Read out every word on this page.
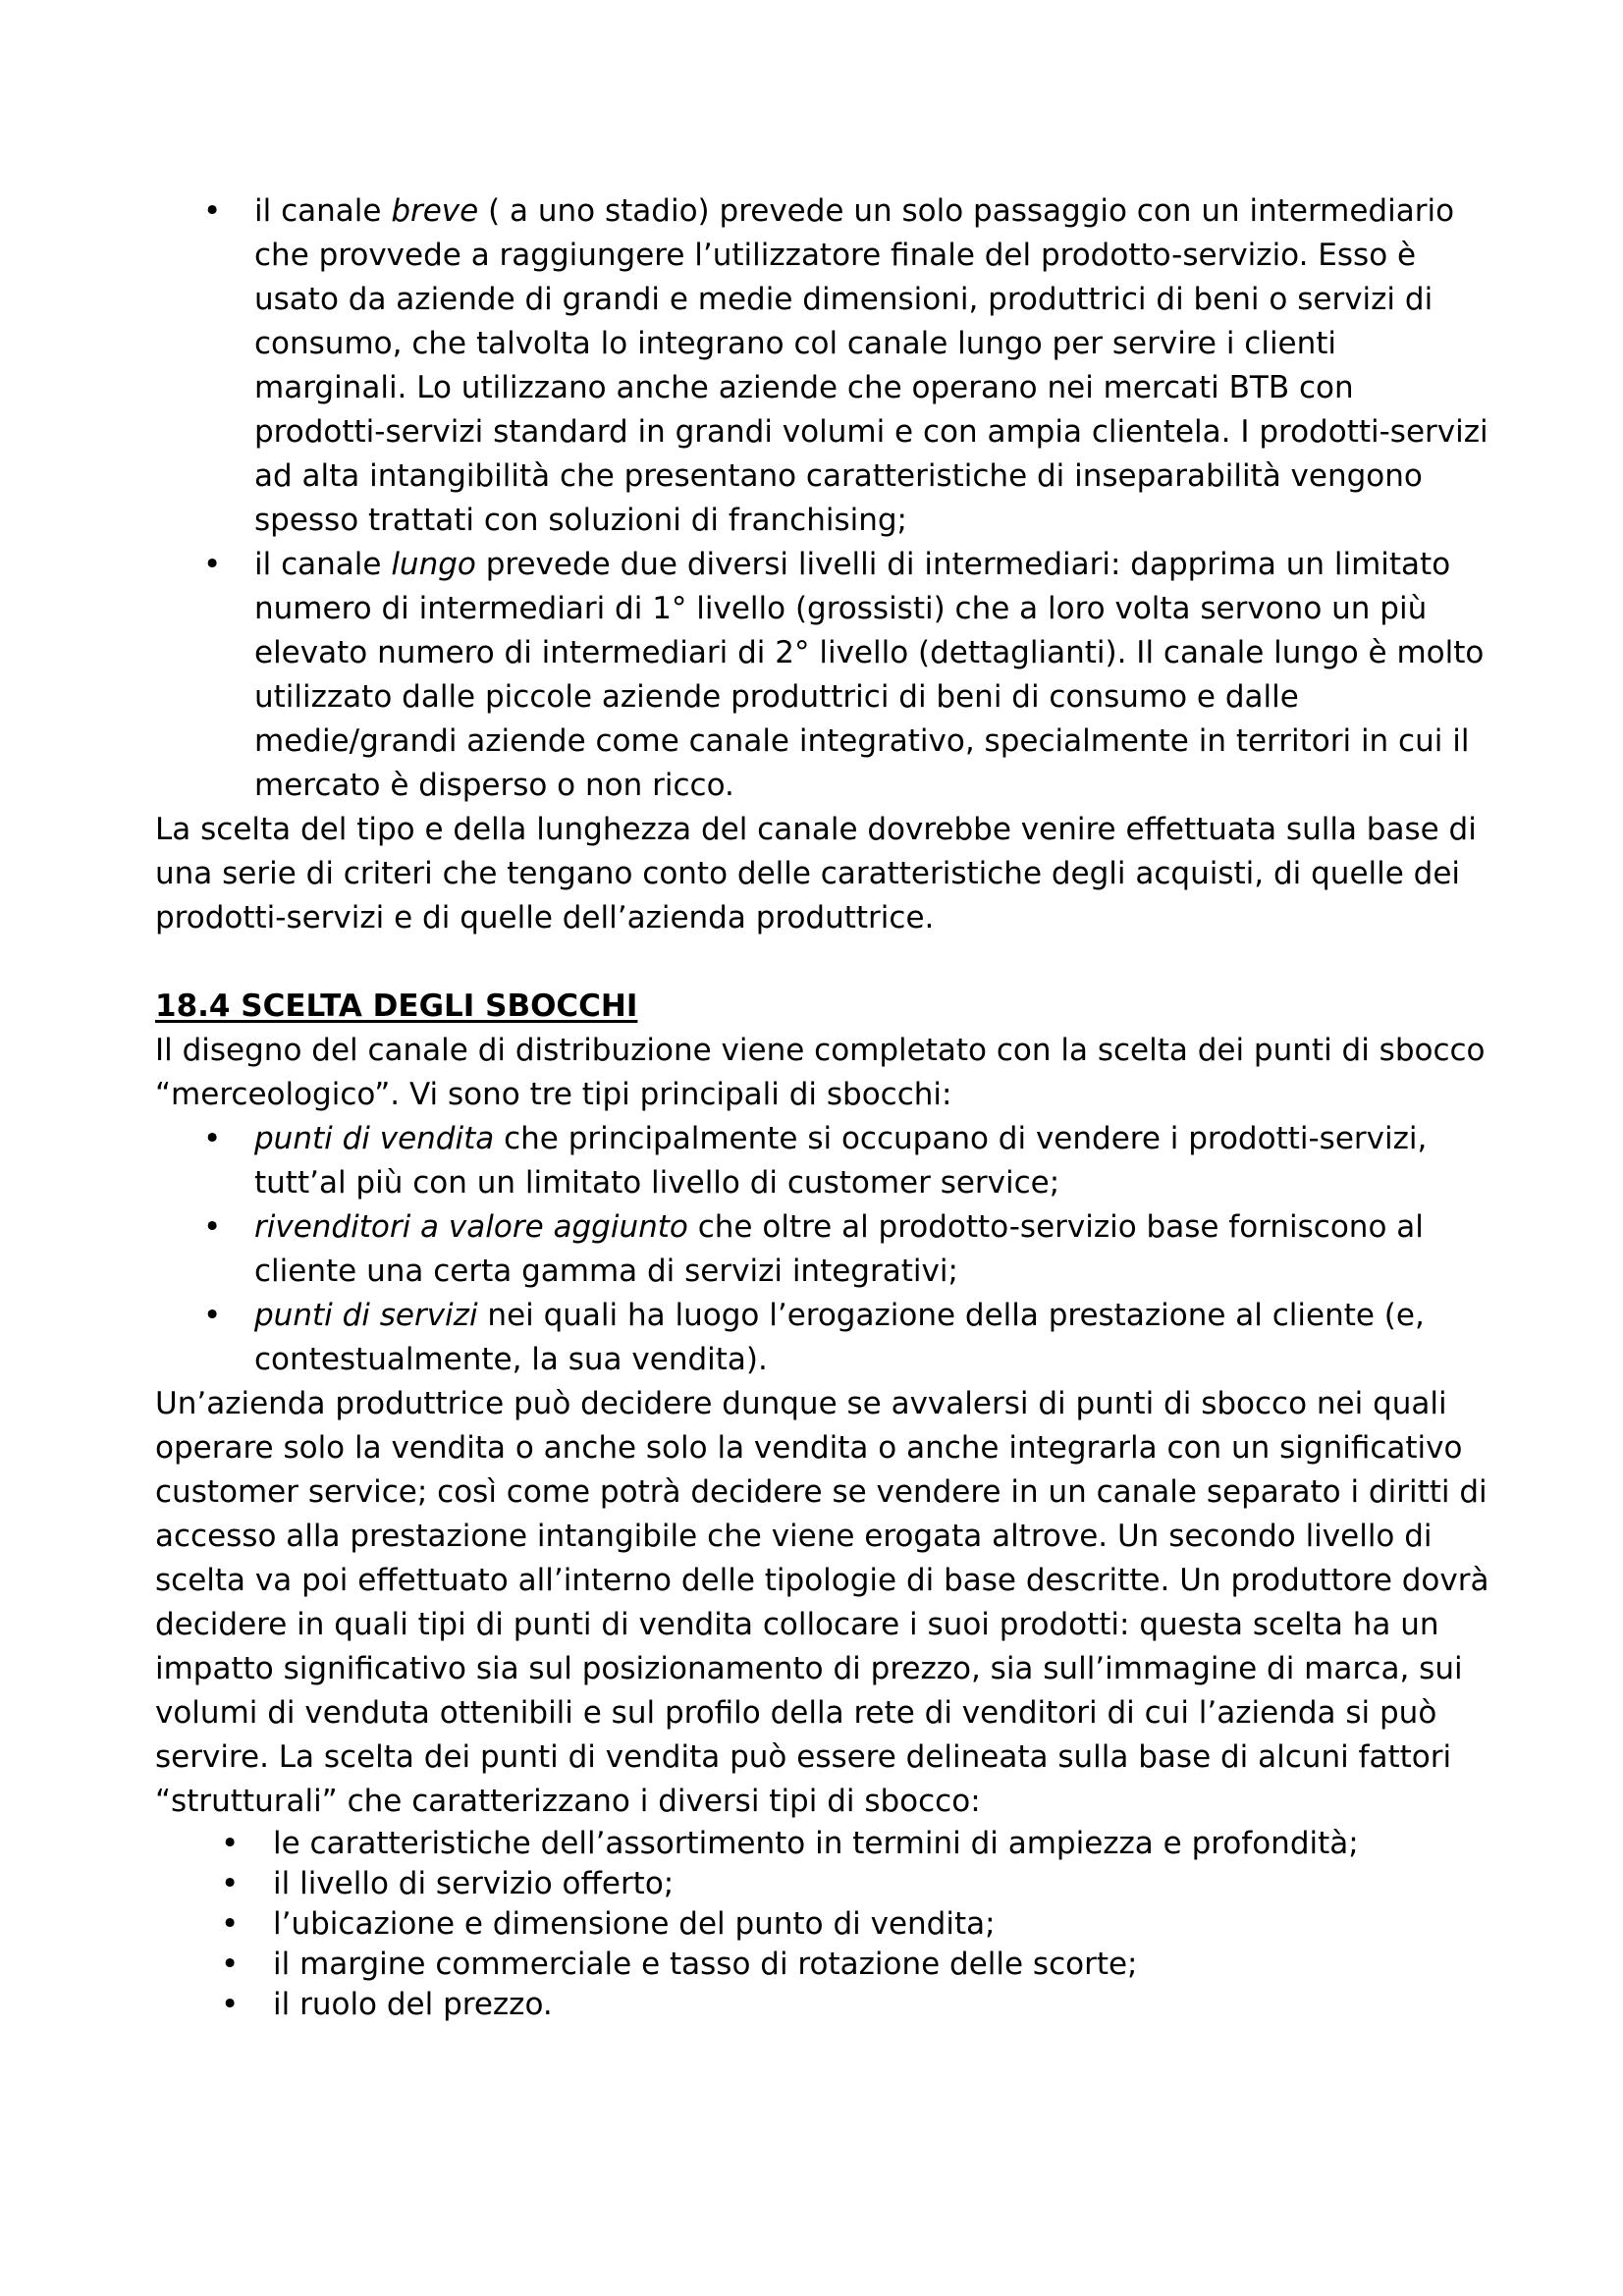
• il canale breve ( a uno stadio) prevede un solo passaggio con un intermediario che provvede a raggiungere l’utilizzatore finale del prodotto-servizio. Esso è usato da aziende di grandi e medie dimensioni, produttrici di beni o servizi di consumo, che talvolta lo integrano col canale lungo per servire i clienti marginali. Lo utilizzano anche aziende che operano nei mercati BTB con prodotti-servizi standard in grandi volumi e con ampia clientela. I prodotti-servizi ad alta intangibilità che presentano caratteristiche di inseparabilità vengono spesso trattati con soluzioni di franchising;
• il canale lungo prevede due diversi livelli di intermediari: dapprima un limitato numero di intermediari di 1° livello (grossisti) che a loro volta servono un più elevato numero di intermediari di 2° livello (dettaglianti). Il canale lungo è molto utilizzato dalle piccole aziende produttrici di beni di consumo e dalle medie/grandi aziende come canale integrativo, specialmente in territori in cui il mercato è disperso o non ricco.

La scelta del tipo e della lunghezza del canale dovrebbe venire effettuata sulla base di una serie di criteri che tengano conto delle caratteristiche degli acquisti, di quelle dei prodotti-servizi e di quelle dell’azienda produttrice.

18.4 SCELTA DEGLI SBOCCHI

Il disegno del canale di distribuzione viene completato con la scelta dei punti di sbocco “merceologico”. Vi sono tre tipi principali di sbocchi:

• punti di vendita che principalmente si occupano di vendere i prodotti-servizi, tutt’al più con un limitato livello di customer service;
• rivenditori a valore aggiunto che oltre al prodotto-servizio base forniscono al cliente una certa gamma di servizi integrativi;
• punti di servizi nei quali ha luogo l’erogazione della prestazione al cliente (e, contestualmente, la sua vendita).

Un’azienda produttrice può decidere dunque se avvalersi di punti di sbocco nei quali operare solo la vendita o anche solo la vendita o anche integrarla con un significativo customer service; così come potrà decidere se vendere in un canale separato i diritti di accesso alla prestazione intangibile che viene erogata altrove. Un secondo livello di scelta va poi effettuato all’interno delle tipologie di base descritte. Un produttore dovrà decidere in quali tipi di punti di vendita collocare i suoi prodotti: questa scelta ha un impatto significativo sia sul posizionamento di prezzo, sia sull’immagine di marca, sui volumi di venduta ottenibili e sul profilo della rete di venditori di cui l’azienda si può servire. La scelta dei punti di vendita può essere delineata sulla base di alcuni fattori “strutturali” che caratterizzano i diversi tipi di sbocco:

• le caratteristiche dell’assortimento in termini di ampiezza e profondità;
• il livello di servizio offerto;
• l’ubicazione e dimensione del punto di vendita;
• il margine commerciale e tasso di rotazione delle scorte;
• il ruolo del prezzo.
